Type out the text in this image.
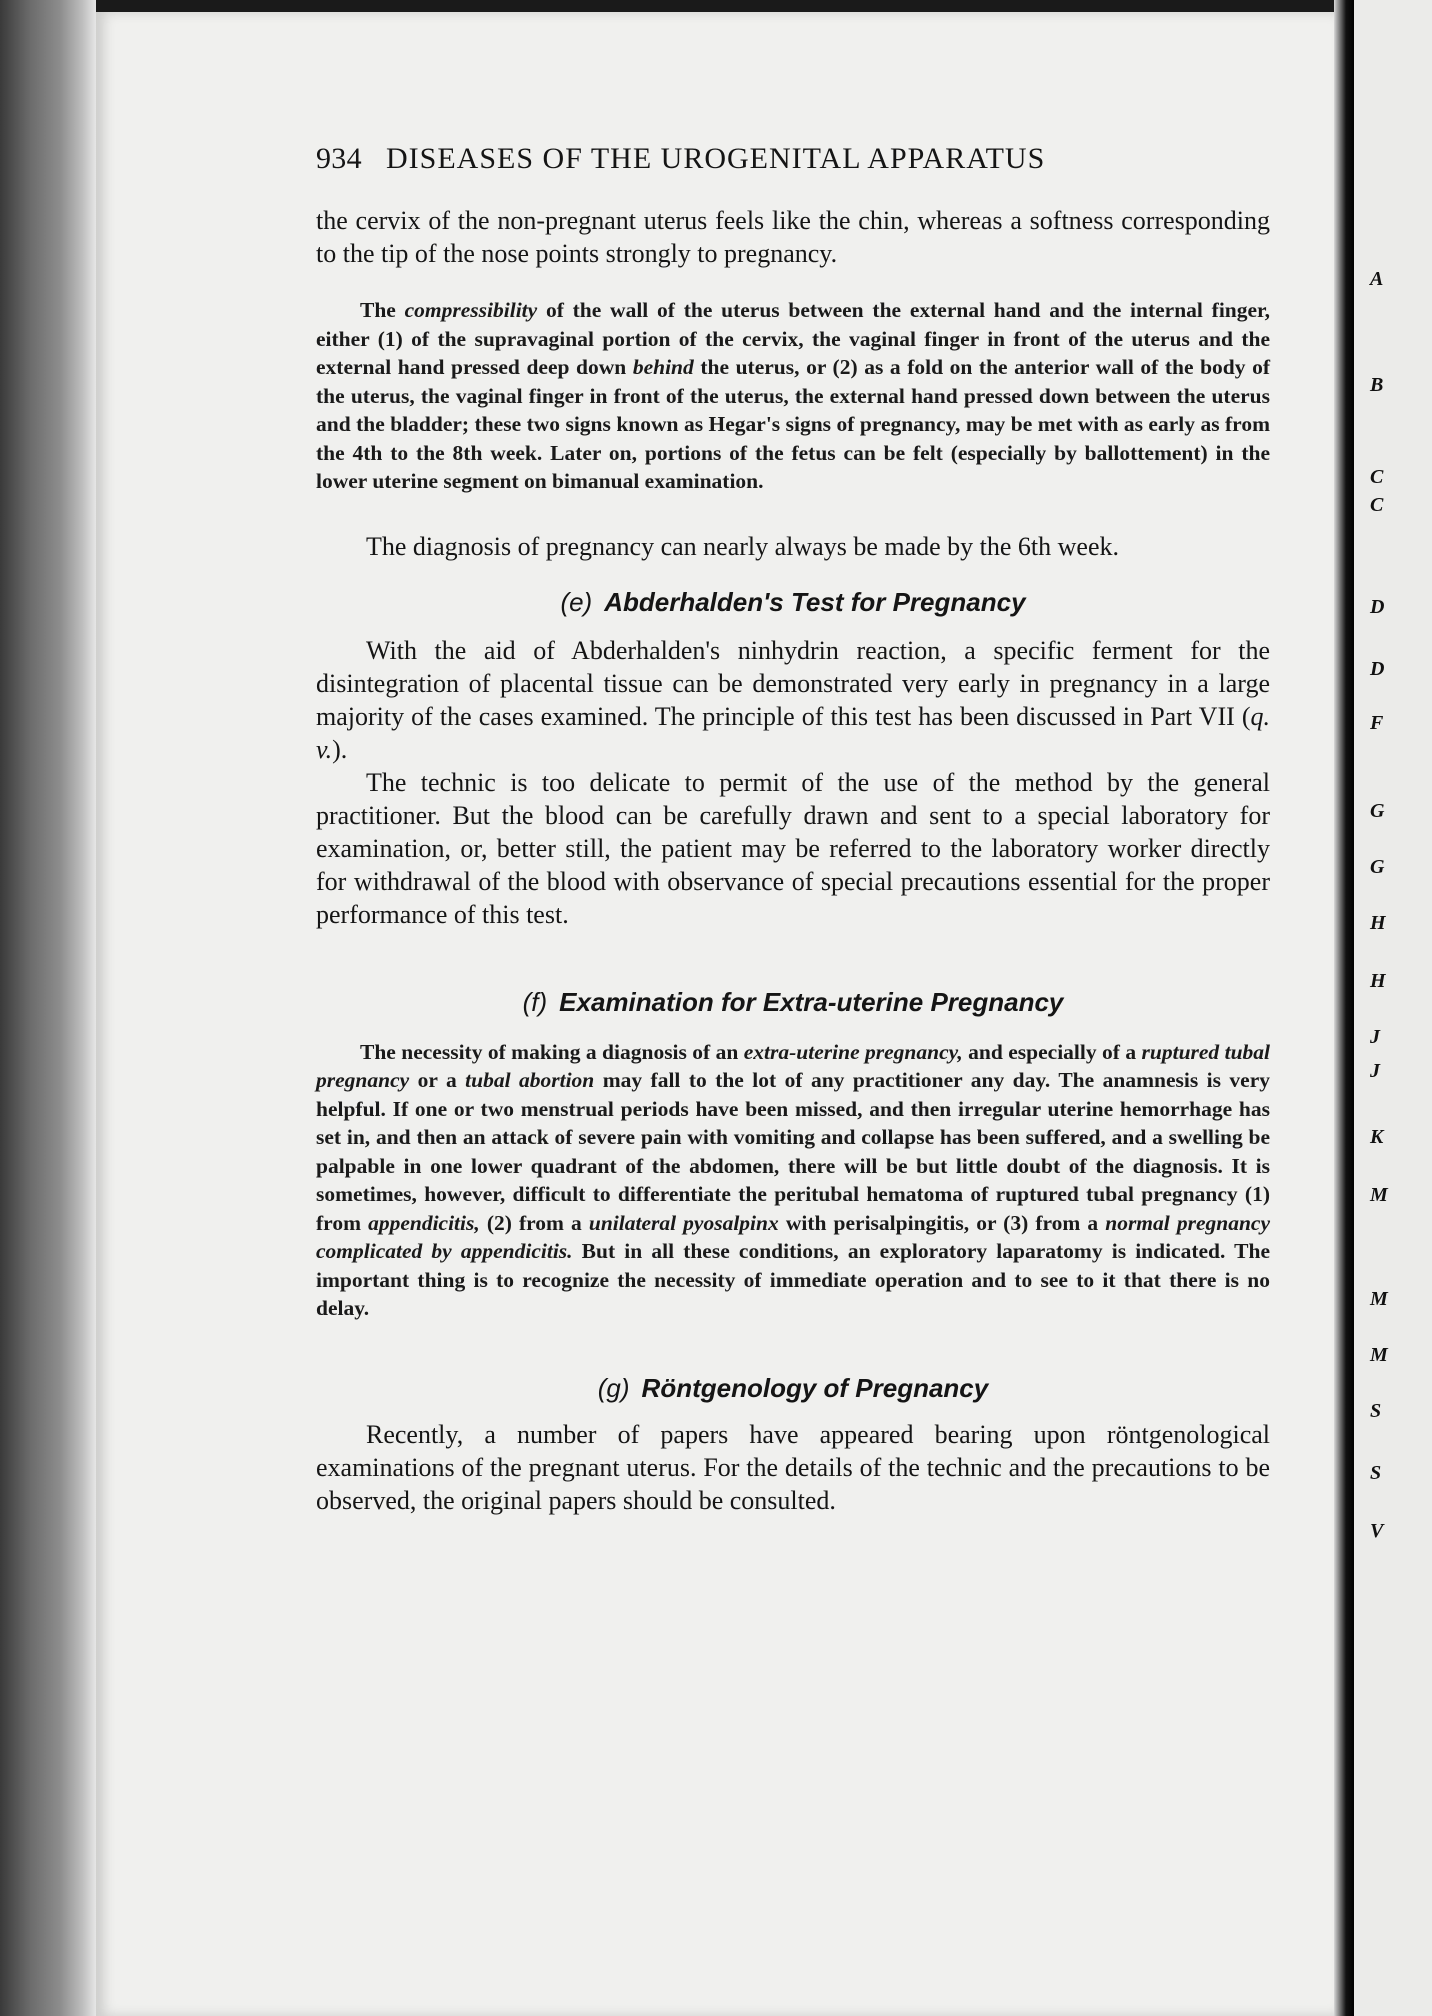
934 DISEASES OF THE UROGENITAL APPARATUS

the cervix of the non-pregnant uterus feels like the chin, whereas a softness corresponding to the tip of the nose points strongly to pregnancy.

The compressibility of the wall of the uterus between the external hand and the internal finger, either (1) of the supravaginal portion of the cervix, the vaginal finger in front of the uterus and the external hand pressed deep down behind the uterus, or (2) as a fold on the anterior wall of the body of the uterus, the vaginal finger in front of the uterus, the external hand pressed down between the uterus and the bladder; these two signs known as Hegar's signs of pregnancy, may be met with as early as from the 4th to the 8th week. Later on, portions of the fetus can be felt (especially by ballottement) in the lower uterine segment on bimanual examination.

The diagnosis of pregnancy can nearly always be made by the 6th week.

(e) Abderhalden's Test for Pregnancy

With the aid of Abderhalden's ninhydrin reaction, a specific ferment for the disintegration of placental tissue can be demonstrated very early in pregnancy in a large majority of the cases examined. The principle of this test has been discussed in Part VII (q. v.).

The technic is too delicate to permit of the use of the method by the general practitioner. But the blood can be carefully drawn and sent to a special laboratory for examination, or, better still, the patient may be referred to the laboratory worker directly for withdrawal of the blood with observance of special precautions essential for the proper performance of this test.

(f) Examination for Extra-uterine Pregnancy

The necessity of making a diagnosis of an extra-uterine pregnancy, and especially of a ruptured tubal pregnancy or a tubal abortion may fall to the lot of any practitioner any day. The anamnesis is very helpful. If one or two menstrual periods have been missed, and then irregular uterine hemorrhage has set in, and then an attack of severe pain with vomiting and collapse has been suffered, and a swelling be palpable in one lower quadrant of the abdomen, there will be but little doubt of the diagnosis. It is sometimes, however, difficult to differentiate the peritubal hematoma of ruptured tubal pregnancy (1) from appendicitis, (2) from a unilateral pyosalpinx with perisalpingitis, or (3) from a normal pregnancy complicated by appendicitis. But in all these conditions, an exploratory laparatomy is indicated. The important thing is to recognize the necessity of immediate operation and to see to it that there is no delay.

(g) Röntgenology of Pregnancy

Recently, a number of papers have appeared bearing upon röntgenological examinations of the pregnant uterus. For the details of the technic and the precautions to be observed, the original papers should be consulted.

A
B
C
C
D
D
F
G
G
H
H
J
J
K
M
M
M
S
S
V
